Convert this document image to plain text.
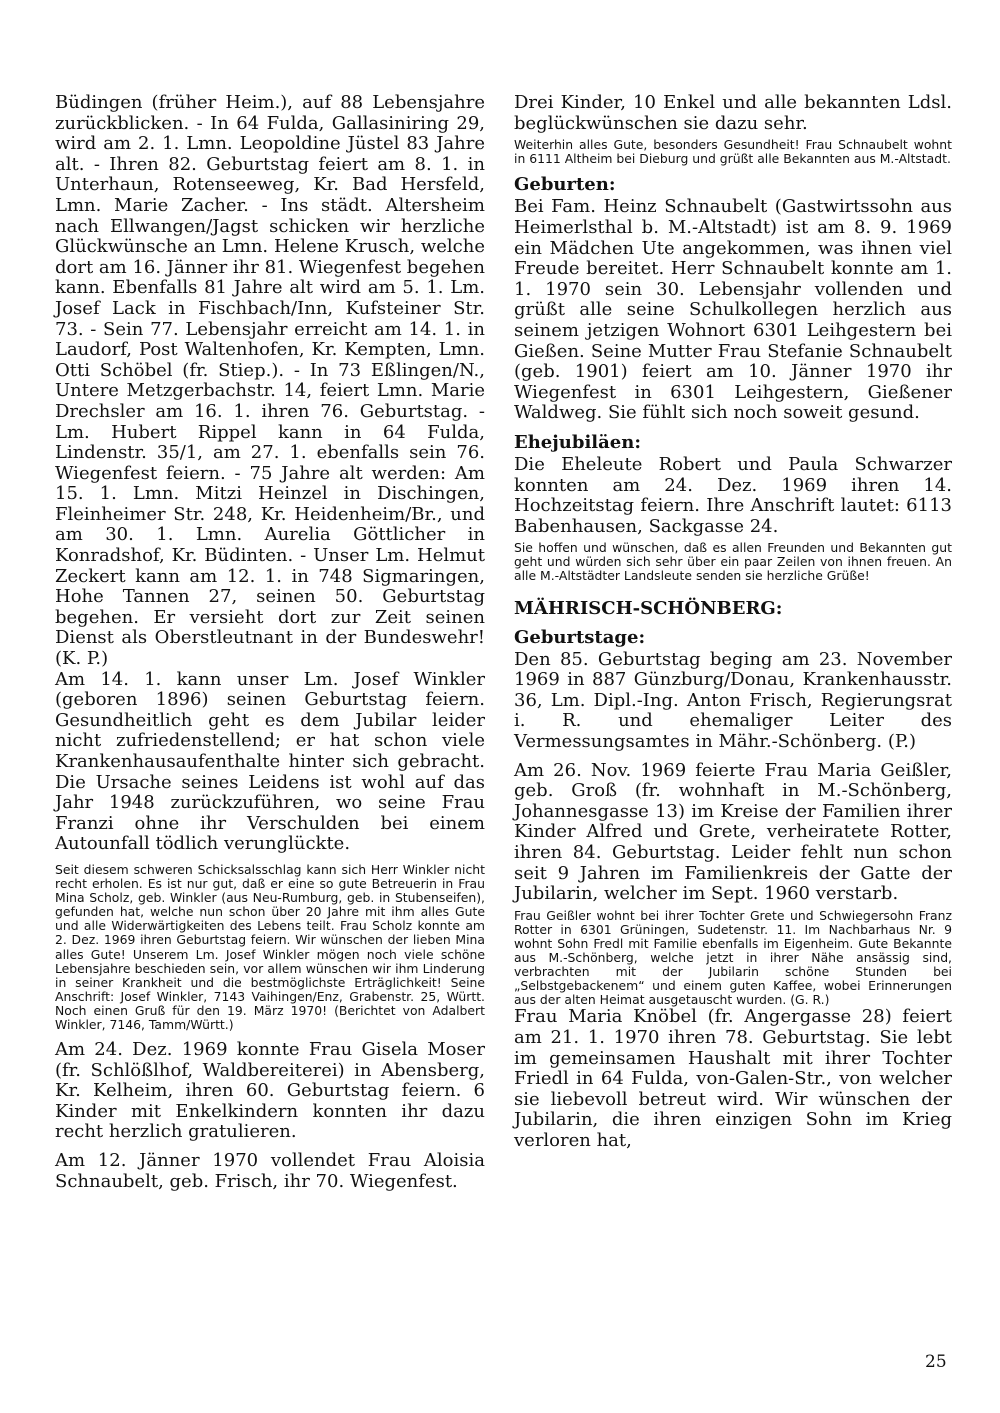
Büdingen (früher Heim.), auf 88 Lebensjahre zurückblicken. - In 64 Fulda, Gallasiniring 29, wird am 2. 1. Lmn. Leopoldine Jüstel 83 Jahre alt. - Ihren 82. Geburtstag feiert am 8. 1. in Unterhaun, Rotenseeweg, Kr. Bad Hersfeld, Lmn. Marie Zacher. - Ins städt. Altersheim nach Ellwangen/Jagst schicken wir herzliche Glückwünsche an Lmn. Helene Krusch, welche dort am 16. Jänner ihr 81. Wiegenfest begehen kann. Ebenfalls 81 Jahre alt wird am 5. 1. Lm. Josef Lack in Fischbach/Inn, Kufsteiner Str. 73. - Sein 77. Lebensjahr erreicht am 14. 1. in Laudorf, Post Waltenhofen, Kr. Kempten, Lmn. Otti Schöbel (fr. Stiep.). - In 73 Eßlingen/N., Untere Metzgerbachstr. 14, feiert Lmn. Marie Drechsler am 16. 1. ihren 76. Geburtstag. - Lm. Hubert Rippel kann in 64 Fulda, Lindenstr. 35/1, am 27. 1. ebenfalls sein 76. Wiegenfest feiern. - 75 Jahre alt werden: Am 15. 1. Lmn. Mitzi Heinzel in Dischingen, Fleinheimer Str. 248, Kr. Heidenheim/Br., und am 30. 1. Lmn. Aurelia Göttlicher in Konradshof, Kr. Büdinten. - Unser Lm. Helmut Zeckert kann am 12. 1. in 748 Sigmaringen, Hohe Tannen 27, seinen 50. Geburtstag begehen. Er versieht dort zur Zeit seinen Dienst als Oberstleutnant in der Bundeswehr! (K. P.)

Am 14. 1. kann unser Lm. Josef Winkler (geboren 1896) seinen Geburtstag feiern. Gesundheitlich geht es dem Jubilar leider nicht zufriedenstellend; er hat schon viele Krankenhausaufenthalte hinter sich gebracht. Die Ursache seines Leidens ist wohl auf das Jahr 1948 zurückzuführen, wo seine Frau Franzi ohne ihr Verschulden bei einem Autounfall tödlich verunglückte.

Seit diesem schweren Schicksalsschlag kann sich Herr Winkler nicht recht erholen. Es ist nur gut, daß er eine so gute Betreuerin in Frau Mina Scholz, geb. Winkler (aus Neu-Rumburg, geb. in Stubenseifen), gefunden hat, welche nun schon über 20 Jahre mit ihm alles Gute und alle Widerwärtigkeiten des Lebens teilt. Frau Scholz konnte am 2. Dez. 1969 ihren Geburtstag feiern. Wir wünschen der lieben Mina alles Gute! Unserem Lm. Josef Winkler mögen noch viele schöne Lebensjahre beschieden sein, vor allem wünschen wir ihm Linderung in seiner Krankheit und die bestmöglichste Erträglichkeit! Seine Anschrift: Josef Winkler, 7143 Vaihingen/Enz, Grabenstr. 25, Württ. Noch einen Gruß für den 19. März 1970! (Berichtet von Adalbert Winkler, 7146, Tamm/Württ.)

Am 24. Dez. 1969 konnte Frau Gisela Moser (fr. Schlößlhof, Waldbereiterei) in Abensberg, Kr. Kelheim, ihren 60. Geburtstag feiern. 6 Kinder mit Enkelkindern konnten ihr dazu recht herzlich gratulieren.

Am 12. Jänner 1970 vollendet Frau Aloisia Schnaubelt, geb. Frisch, ihr 70. Wiegenfest.

Drei Kinder, 10 Enkel und alle bekannten Ldsl. beglückwünschen sie dazu sehr.

Weiterhin alles Gute, besonders Gesundheit! Frau Schnaubelt wohnt in 6111 Altheim bei Dieburg und grüßt alle Bekannten aus M.-Altstadt.

Geburten:

Bei Fam. Heinz Schnaubelt (Gastwirtssohn aus Heimerlsthal b. M.-Altstadt) ist am 8. 9. 1969 ein Mädchen Ute angekommen, was ihnen viel Freude bereitet. Herr Schnaubelt konnte am 1. 1. 1970 sein 30. Lebensjahr vollenden und grüßt alle seine Schulkollegen herzlich aus seinem jetzigen Wohnort 6301 Leihgestern bei Gießen. Seine Mutter Frau Stefanie Schnaubelt (geb. 1901) feiert am 10. Jänner 1970 ihr Wiegenfest in 6301 Leihgestern, Gießener Waldweg. Sie fühlt sich noch soweit gesund.

Ehejubiläen:

Die Eheleute Robert und Paula Schwarzer konnten am 24. Dez. 1969 ihren 14. Hochzeitstag feiern. Ihre Anschrift lautet: 6113 Babenhausen, Sackgasse 24.

Sie hoffen und wünschen, daß es allen Freunden und Bekannten gut geht und würden sich sehr über ein paar Zeilen von ihnen freuen. An alle M.-Altstädter Landsleute senden sie herzliche Grüße!

MÄHRISCH-SCHÖNBERG:
Geburtstage:

Den 85. Geburtstag beging am 23. November 1969 in 887 Günzburg/Donau, Krankenhausstr. 36, Lm. Dipl.-Ing. Anton Frisch, Regierungsrat i. R. und ehemaliger Leiter des Vermessungsamtes in Mähr.-Schönberg. (P.)

Am 26. Nov. 1969 feierte Frau Maria Geißler, geb. Groß (fr. wohnhaft in M.-Schönberg, Johannesgasse 13) im Kreise der Familien ihrer Kinder Alfred und Grete, verheiratete Rotter, ihren 84. Geburtstag. Leider fehlt nun schon seit 9 Jahren im Familienkreis der Gatte der Jubilarin, welcher im Sept. 1960 verstarb.

Frau Geißler wohnt bei ihrer Tochter Grete und Schwiegersohn Franz Rotter in 6301 Grüningen, Sudetenstr. 11. Im Nachbarhaus Nr. 9 wohnt Sohn Fredl mit Familie ebenfalls im Eigenheim. Gute Bekannte aus M.-Schönberg, welche jetzt in ihrer Nähe ansässig sind, verbrachten mit der Jubilarin schöne Stunden bei „Selbstgebackenem“ und einem guten Kaffee, wobei Erinnerungen aus der alten Heimat ausgetauscht wurden. (G. R.)

Frau Maria Knöbel (fr. Angergasse 28) feiert am 21. 1. 1970 ihren 78. Geburtstag. Sie lebt im gemeinsamen Haushalt mit ihrer Tochter Friedl in 64 Fulda, von-Galen-Str., von welcher sie liebevoll betreut wird. Wir wünschen der Jubilarin, die ihren einzigen Sohn im Krieg verloren hat,

25
